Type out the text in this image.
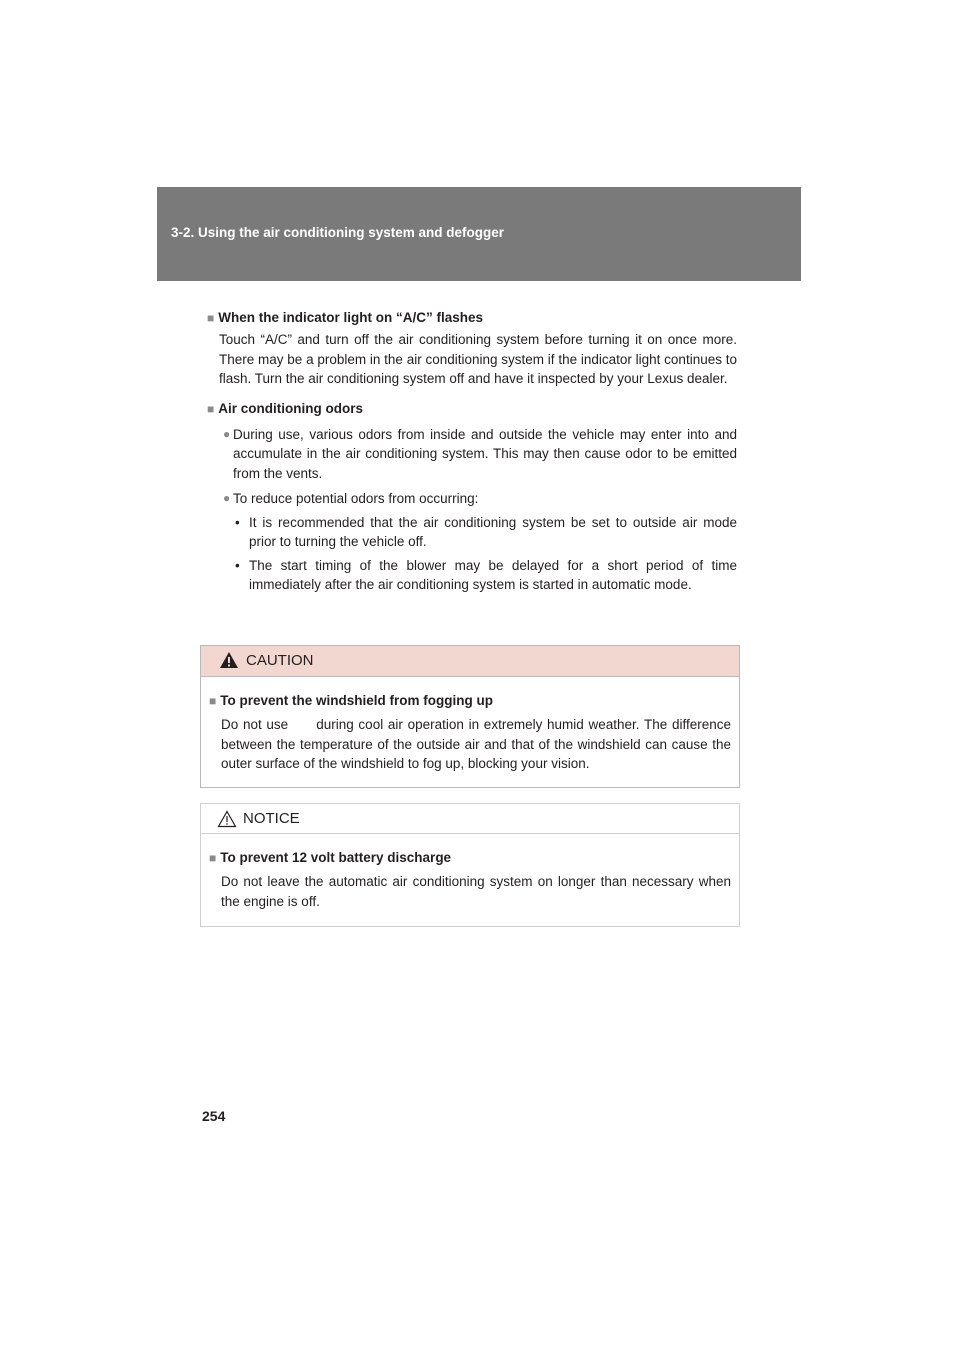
3-2. Using the air conditioning system and defogger

■ When the indicator light on “A/C” flashes

Touch “A/C” and turn off the air conditioning system before turning it on once more. There may be a problem in the air conditioning system if the indicator light continues to flash. Turn the air conditioning system off and have it inspected by your Lexus dealer.

■ Air conditioning odors

● During use, various odors from inside and outside the vehicle may enter into and accumulate in the air conditioning system. This may then cause odor to be emitted from the vents.
● To reduce potential odors from occurring:
• It is recommended that the air conditioning system be set to outside air mode prior to turning the vehicle off.
• The start timing of the blower may be delayed for a short period of time immediately after the air conditioning system is started in automatic mode.
CAUTION

■ To prevent the windshield from fogging up

Do not use during cool air operation in extremely humid weather. The difference between the temperature of the outside air and that of the windshield can cause the outer surface of the windshield to fog up, blocking your vision.

NOTICE

■ To prevent 12 volt battery discharge

Do not leave the automatic air conditioning system on longer than necessary when the engine is off.

254
